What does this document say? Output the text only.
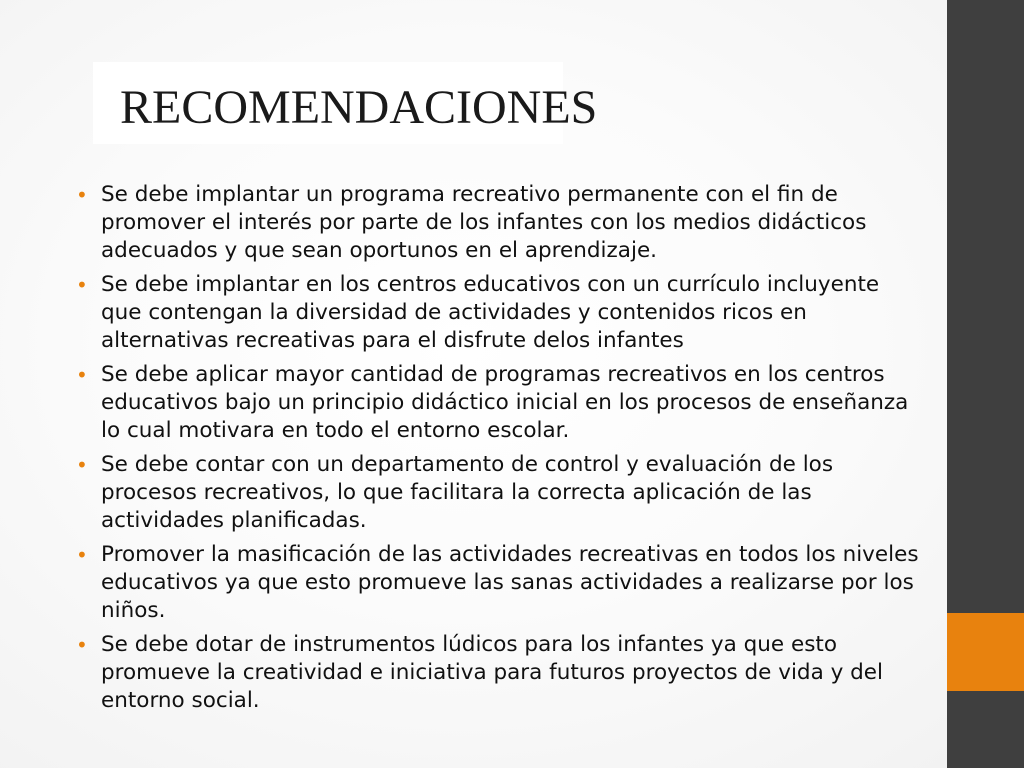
RECOMENDACIONES
• Se debe implantar un programa recreativo permanente con el fin de promover el interés por parte de los infantes con los medios didácticos adecuados y que sean oportunos en el aprendizaje.
• Se debe implantar en los centros educativos con un currículo incluyente que contengan la diversidad de actividades y contenidos ricos en alternativas recreativas para el disfrute delos infantes
• Se debe aplicar mayor cantidad de programas recreativos en los centros educativos bajo un principio didáctico inicial en los procesos de enseñanza lo cual motivara en todo el entorno escolar.
• Se debe contar con un departamento de control y evaluación de los procesos recreativos, lo que facilitara la correcta aplicación de las actividades planificadas.
• Promover la masificación de las actividades recreativas en todos los niveles educativos ya que esto promueve las sanas actividades a realizarse por los niños.
• Se debe dotar de instrumentos lúdicos para los infantes ya que esto promueve la creatividad e iniciativa para futuros proyectos de vida y del entorno social.
